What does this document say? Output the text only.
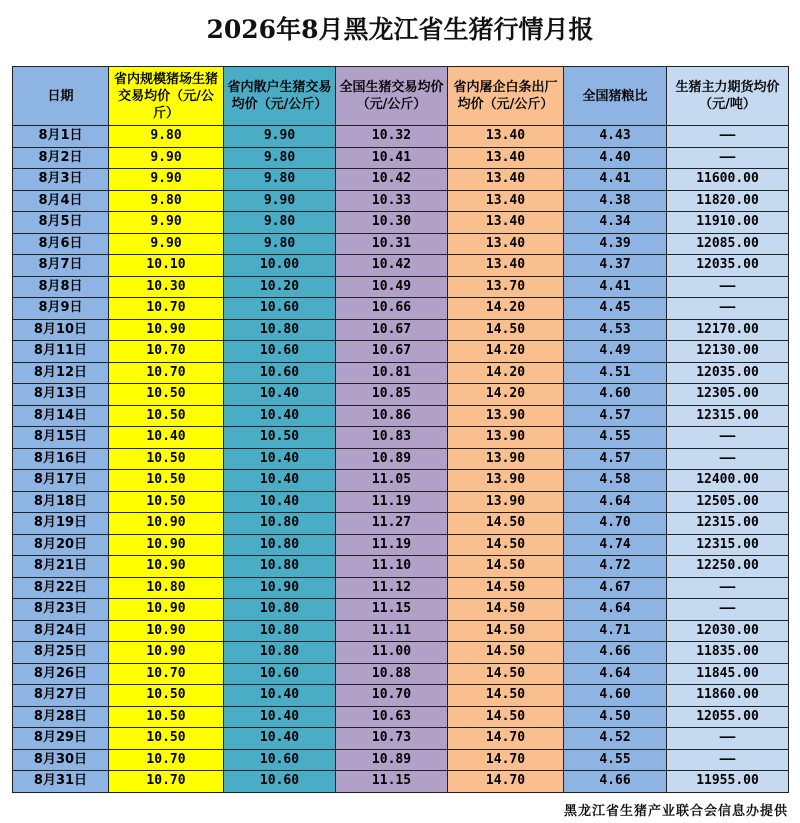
2026年8月黑龙江省生猪行情月报
日期	省内规模猪场生猪交易均价（元/公斤）	省内散户生猪交易均价（元/公斤）	全国生猪交易均价（元/公斤）	省内屠企白条出厂均价（元/公斤）	全国猪粮比	生猪主力期货均价（元/吨）
8月1日	9.80	9.90	10.32	13.40	4.43	——
8月2日	9.90	9.80	10.41	13.40	4.40	——
8月3日	9.90	9.80	10.42	13.40	4.41	11600.00
8月4日	9.80	9.90	10.33	13.40	4.38	11820.00
8月5日	9.90	9.80	10.30	13.40	4.34	11910.00
8月6日	9.90	9.80	10.31	13.40	4.39	12085.00
8月7日	10.10	10.00	10.42	13.40	4.37	12035.00
8月8日	10.30	10.20	10.49	13.70	4.41	——
8月9日	10.70	10.60	10.66	14.20	4.45	——
8月10日	10.90	10.80	10.67	14.50	4.53	12170.00
8月11日	10.70	10.60	10.67	14.20	4.49	12130.00
8月12日	10.70	10.60	10.81	14.20	4.51	12035.00
8月13日	10.50	10.40	10.85	14.20	4.60	12305.00
8月14日	10.50	10.40	10.86	13.90	4.57	12315.00
8月15日	10.40	10.50	10.83	13.90	4.55	——
8月16日	10.50	10.40	10.89	13.90	4.57	——
8月17日	10.50	10.40	11.05	13.90	4.58	12400.00
8月18日	10.50	10.40	11.19	13.90	4.64	12505.00
8月19日	10.90	10.80	11.27	14.50	4.70	12315.00
8月20日	10.90	10.80	11.19	14.50	4.74	12315.00
8月21日	10.90	10.80	11.10	14.50	4.72	12250.00
8月22日	10.80	10.90	11.12	14.50	4.67	——
8月23日	10.90	10.80	11.15	14.50	4.64	——
8月24日	10.90	10.80	11.11	14.50	4.71	12030.00
8月25日	10.90	10.80	11.00	14.50	4.66	11835.00
8月26日	10.70	10.60	10.88	14.50	4.64	11845.00
8月27日	10.50	10.40	10.70	14.50	4.60	11860.00
8月28日	10.50	10.40	10.63	14.50	4.50	12055.00
8月29日	10.50	10.40	10.73	14.70	4.52	——
8月30日	10.70	10.60	10.89	14.70	4.55	——
8月31日	10.70	10.60	11.15	14.70	4.66	11955.00
黑龙江省生猪产业联合会信息办提供
